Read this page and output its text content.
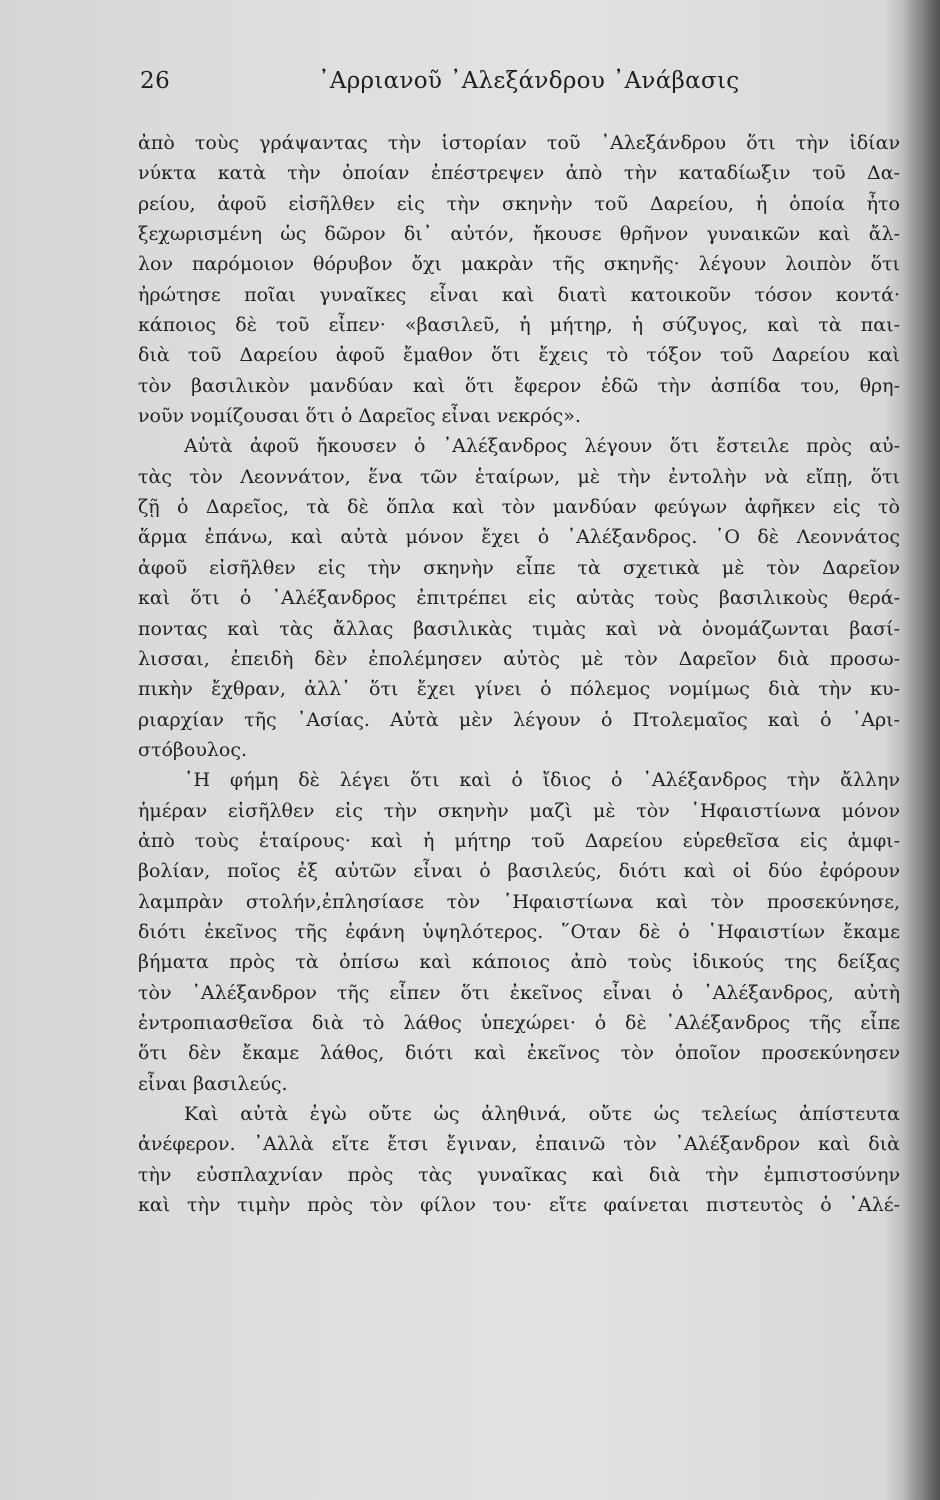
26	᾿Αρριανοῦ ᾿Αλεξάνδρου ᾿Ανάβασις
ἀπὸ τοὺς γράψαντας τὴν ἱστορίαν τοῦ ᾿Αλεξάνδρου ὅτι τὴν ἰδίαν
νύκτα κατὰ τὴν ὁποίαν ἐπέστρεψεν ἀπὸ τὴν καταδίωξιν τοῦ Δα-
ρείου, ἀφοῦ εἰσῆλθεν εἰς τὴν σκηνὴν τοῦ Δαρείου, ἡ ὁποία ἦτο
ξεχωρισμένη ὡς δῶρον δι᾿ αὐτόν, ἤκουσε θρῆνον γυναικῶν καὶ ἄλ-
λον παρόμοιον θόρυβον ὄχι μακρὰν τῆς σκηνῆς· λέγουν λοιπὸν ὅτι
ἠρώτησε ποῖαι γυναῖκες εἶναι καὶ διατὶ κατοικοῦν τόσον κοντά·
κάποιος δὲ τοῦ εἶπεν· «βασιλεῦ, ἡ μήτηρ, ἡ σύζυγος, καὶ τὰ παι-
διὰ τοῦ Δαρείου ἀφοῦ ἔμαθον ὅτι ἔχεις τὸ τόξον τοῦ Δαρείου καὶ
τὸν βασιλικὸν μανδύαν καὶ ὅτι ἔφερον ἐδῶ τὴν ἀσπίδα του, θρη-
νοῦν νομίζουσαι ὅτι ὁ Δαρεῖος εἶναι νεκρός».
Αὐτὰ ἀφοῦ ἤκουσεν ὁ ᾿Αλέξανδρος λέγουν ὅτι ἔστειλε πρὸς αὐ-
τὰς τὸν Λεοννάτον, ἕνα τῶν ἑταίρων, μὲ τὴν ἐντολὴν νὰ εἴπῃ, ὅτι
ζῇ ὁ Δαρεῖος, τὰ δὲ ὅπλα καὶ τὸν μανδύαν φεύγων ἀφῆκεν εἰς τὸ
ἅρμα ἐπάνω, καὶ αὐτὰ μόνον ἔχει ὁ ᾿Αλέξανδρος. ῾Ο δὲ Λεοννάτος
ἀφοῦ εἰσῆλθεν εἰς τὴν σκηνὴν εἶπε τὰ σχετικὰ μὲ τὸν Δαρεῖον
καὶ ὅτι ὁ ᾿Αλέξανδρος ἐπιτρέπει εἰς αὐτὰς τοὺς βασιλικοὺς θερά-
ποντας καὶ τὰς ἄλλας βασιλικὰς τιμὰς καὶ νὰ ὀνομάζωνται βασί-
λισσαι, ἐπειδὴ δὲν ἐπολέμησεν αὐτὸς μὲ τὸν Δαρεῖον διὰ προσω-
πικὴν ἔχθραν, ἀλλ᾿ ὅτι ἔχει γίνει ὁ πόλεμος νομίμως διὰ τὴν κυ-
ριαρχίαν τῆς ᾿Ασίας. Αὐτὰ μὲν λέγουν ὁ Πτολεμαῖος καὶ ὁ ᾿Αρι-
στόβουλος.
῾Η φήμη δὲ λέγει ὅτι καὶ ὁ ἴδιος ὁ ᾿Αλέξανδρος τὴν ἄλλην
ἡμέραν εἰσῆλθεν εἰς τὴν σκηνὴν μαζὶ μὲ τὸν ῾Ηφαιστίωνα μόνον
ἀπὸ τοὺς ἑταίρους· καὶ ἡ μήτηρ τοῦ Δαρείου εὑρεθεῖσα εἰς ἀμφι-
βολίαν, ποῖος ἐξ αὐτῶν εἶναι ὁ βασιλεύς, διότι καὶ οἱ δύο ἐφόρουν
λαμπρὰν στολήν,ἐπλησίασε τὸν ῾Ηφαιστίωνα καὶ τὸν προσεκύνησε,
διότι ἐκεῖνος τῆς ἐφάνη ὑψηλότερος. ῞Οταν δὲ ὁ ῾Ηφαιστίων ἔκαμε
βήματα πρὸς τὰ ὀπίσω καὶ κάποιος ἀπὸ τοὺς ἰδικούς της δείξας
τὸν ᾿Αλέξανδρον τῆς εἶπεν ὅτι ἐκεῖνος εἶναι ὁ ᾿Αλέξανδρος, αὐτὴ
ἐντροπιασθεῖσα διὰ τὸ λάθος ὑπεχώρει· ὁ δὲ ᾿Αλέξανδρος τῆς εἶπε
ὅτι δὲν ἔκαμε λάθος, διότι καὶ ἐκεῖνος τὸν ὁποῖον προσεκύνησεν
εἶναι βασιλεύς.
Καὶ αὐτὰ ἐγὼ οὔτε ὡς ἀληθινά, οὔτε ὡς τελείως ἀπίστευτα
ἀνέφερον. ᾿Αλλὰ εἴτε ἔτσι ἔγιναν, ἐπαινῶ τὸν ᾿Αλέξανδρον καὶ διὰ
τὴν εὐσπλαχνίαν πρὸς τὰς γυναῖκας καὶ διὰ τὴν ἐμπιστοσύνην
καὶ τὴν τιμὴν πρὸς τὸν φίλον του· εἴτε φαίνεται πιστευτὸς ὁ ᾿Αλέ-
